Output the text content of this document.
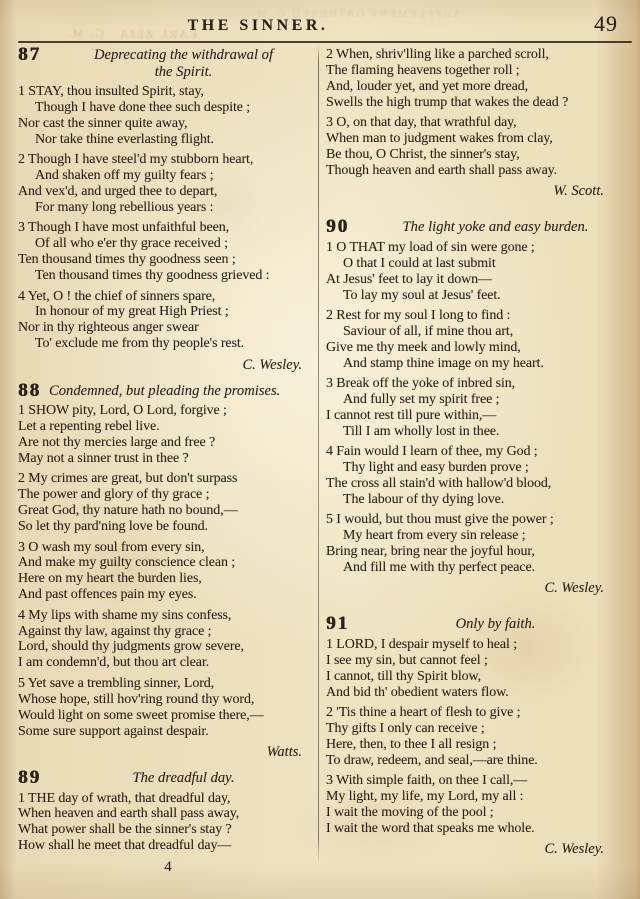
C. M. EARL ZEIA
SUPPLEMENT GATHERED C. M.
THE SINNER.	49
87	Deprecating the withdrawal of
the Spirit.
1 STAY, thou insulted Spirit, stay,
Though I have done thee such despite ;
Nor cast the sinner quite away,
Nor take thine everlasting flight.
2 Though I have steel'd my stubborn heart,
And shaken off my guilty fears ;
And vex'd, and urged thee to depart,
For many long rebellious years :
3 Though I have most unfaithful been,
Of all who e'er thy grace received ;
Ten thousand times thy goodness seen ;
Ten thousand times thy goodness grieved :
4 Yet, O ! the chief of sinners spare,
In honour of my great High Priest ;
Nor in thy righteous anger swear
To' exclude me from thy people's rest.
C. Wesley.
88 Condemned, but pleading the promises.
1 SHOW pity, Lord, O Lord, forgive ;
Let a repenting rebel live.
Are not thy mercies large and free ?
May not a sinner trust in thee ?
2 My crimes are great, but don't surpass
The power and glory of thy grace ;
Great God, thy nature hath no bound,—
So let thy pard'ning love be found.
3 O wash my soul from every sin,
And make my guilty conscience clean ;
Here on my heart the burden lies,
And past offences pain my eyes.
4 My lips with shame my sins confess,
Against thy law, against thy grace ;
Lord, should thy judgments grow severe,
I am condemn'd, but thou art clear.
5 Yet save a trembling sinner, Lord,
Whose hope, still hov'ring round thy word,
Would light on some sweet promise there,—
Some sure support against despair.
Watts.
89	The dreadful day.
1 THE day of wrath, that dreadful day,
When heaven and earth shall pass away,
What power shall be the sinner's stay ?
How shall he meet that dreadful day—
4
2 When, shriv'lling like a parched scroll,
The flaming heavens together roll ;
And, louder yet, and yet more dread,
Swells the high trump that wakes the dead ?
3 O, on that day, that wrathful day,
When man to judgment wakes from clay,
Be thou, O Christ, the sinner's stay,
Though heaven and earth shall pass away.
W. Scott.
90	The light yoke and easy burden.
1 O THAT my load of sin were gone ;
O that I could at last submit
At Jesus' feet to lay it down—
To lay my soul at Jesus' feet.
2 Rest for my soul I long to find :
Saviour of all, if mine thou art,
Give me thy meek and lowly mind,
And stamp thine image on my heart.
3 Break off the yoke of inbred sin,
And fully set my spirit free ;
I cannot rest till pure within,—
Till I am wholly lost in thee.
4 Fain would I learn of thee, my God ;
Thy light and easy burden prove ;
The cross all stain'd with hallow'd blood,
The labour of thy dying love.
5 I would, but thou must give the power ;
My heart from every sin release ;
Bring near, bring near the joyful hour,
And fill me with thy perfect peace.
C. Wesley.
91	Only by faith.
1 LORD, I despair myself to heal ;
I see my sin, but cannot feel ;
I cannot, till thy Spirit blow,
And bid th' obedient waters flow.
2 'Tis thine a heart of flesh to give ;
Thy gifts I only can receive ;
Here, then, to thee I all resign ;
To draw, redeem, and seal,—are thine.
3 With simple faith, on thee I call,—
My light, my life, my Lord, my all :
I wait the moving of the pool ;
I wait the word that speaks me whole.
C. Wesley.
